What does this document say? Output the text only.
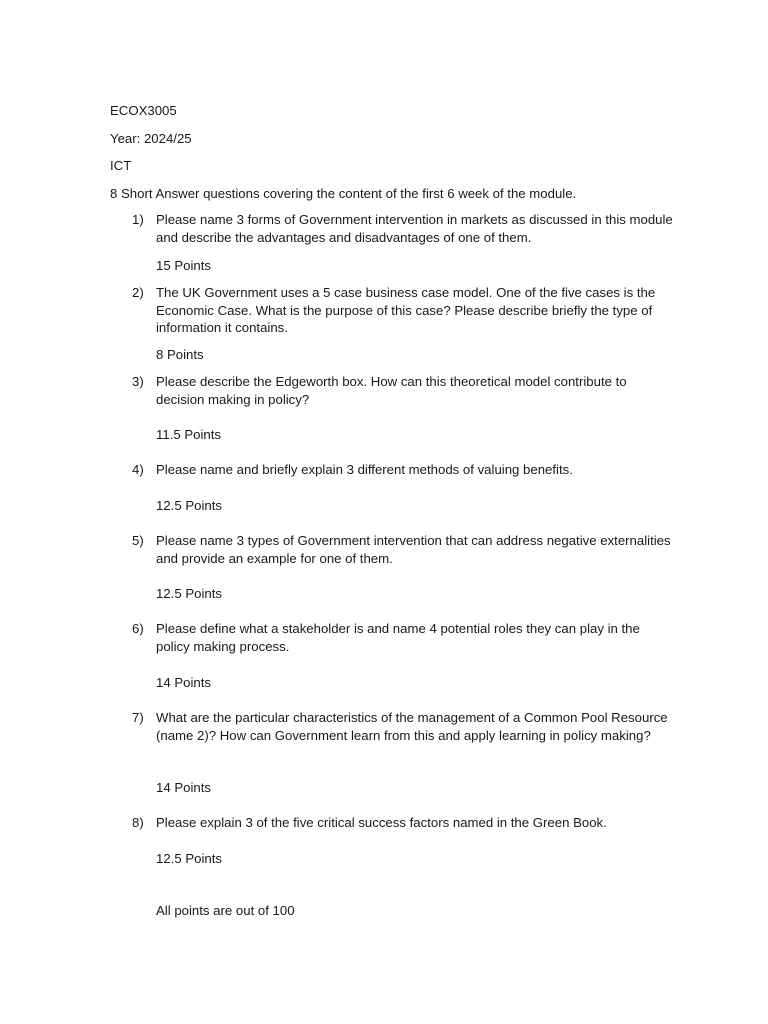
ECOX3005
Year: 2024/25
ICT
8 Short Answer questions covering the content of the first 6 week of the module.
1) Please name 3 forms of Government intervention in markets as discussed in this module and describe the advantages and disadvantages of one of them.
15 Points
2) The UK Government uses a 5 case business case model. One of the five cases is the Economic Case. What is the purpose of this case? Please describe briefly the type of information it contains.
8 Points
3) Please describe the Edgeworth box. How can this theoretical model contribute to decision making in policy?
11.5 Points
4) Please name and briefly explain 3 different methods of valuing benefits.
12.5 Points
5) Please name 3 types of Government intervention that can address negative externalities and provide an example for one of them.
12.5 Points
6) Please define what a stakeholder is and name 4 potential roles they can play in the policy making process.
14 Points
7) What are the particular characteristics of the management of a Common Pool Resource (name 2)? How can Government learn from this and apply learning in policy making?
14 Points
8) Please explain 3 of the five critical success factors named in the Green Book.
12.5 Points
All points are out of 100
